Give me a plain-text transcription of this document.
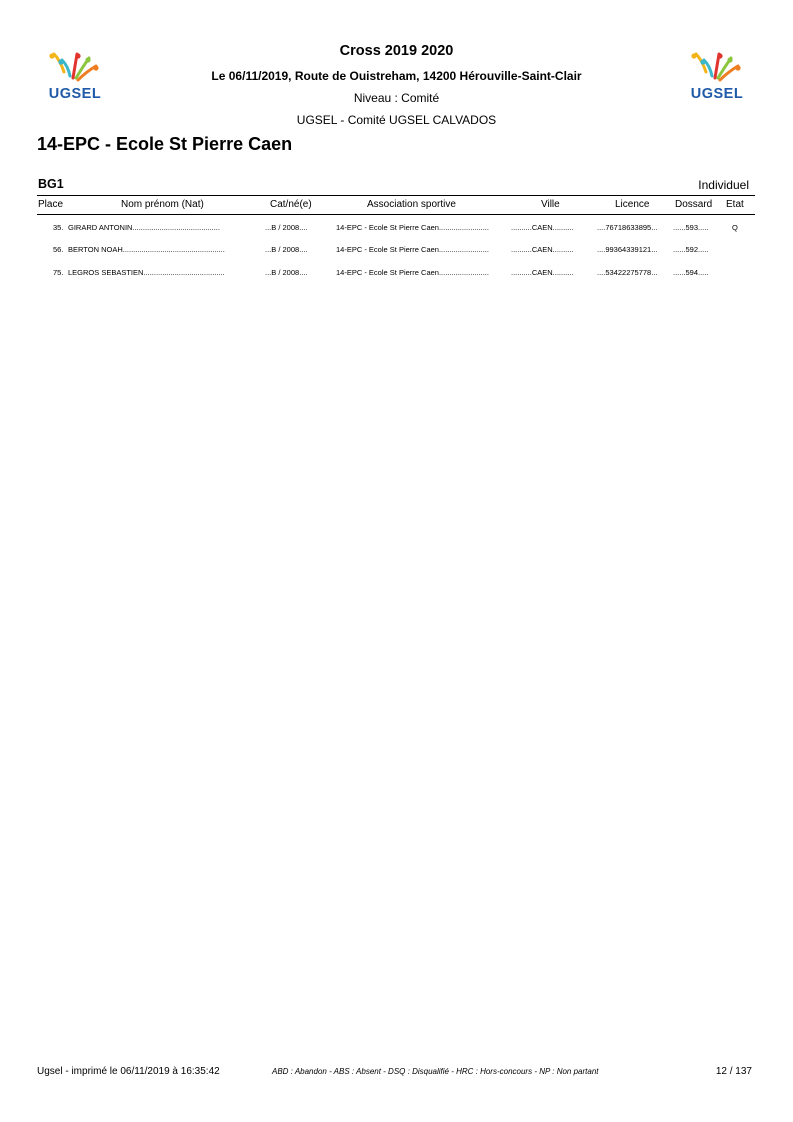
UGSEL	UGSEL
Cross 2019 2020
Le 06/11/2019, Route de Ouistreham, 14200 Hérouville-Saint-Clair
Niveau : Comité
UGSEL - Comité UGSEL CALVADOS
14-EPC - Ecole St Pierre Caen
BG1	Individuel
Place	Nom prénom (Nat)	Cat/né(e)	Association sportive	Ville	Licence	Dossard Etat
35. GIRARD ANTONIN..........................................	...B / 2008....	14-EPC - Ecole St Pierre Caen........................	..........CAEN..........	....76718633895...	......593.....	Q
56. BERTON NOAH.................................................	...B / 2008....	14-EPC - Ecole St Pierre Caen........................	..........CAEN..........	....99364339121...	......592.....
75. LEGROS SEBASTIEN.......................................	...B / 2008....	14-EPC - Ecole St Pierre Caen........................	..........CAEN..........	....53422275778...	......594.....
Ugsel - imprimé le 06/11/2019 à 16:35:42	ABD : Abandon - ABS : Absent - DSQ : Disqualifié - HRC : Hors-concours - NP : Non partant	12 / 137
